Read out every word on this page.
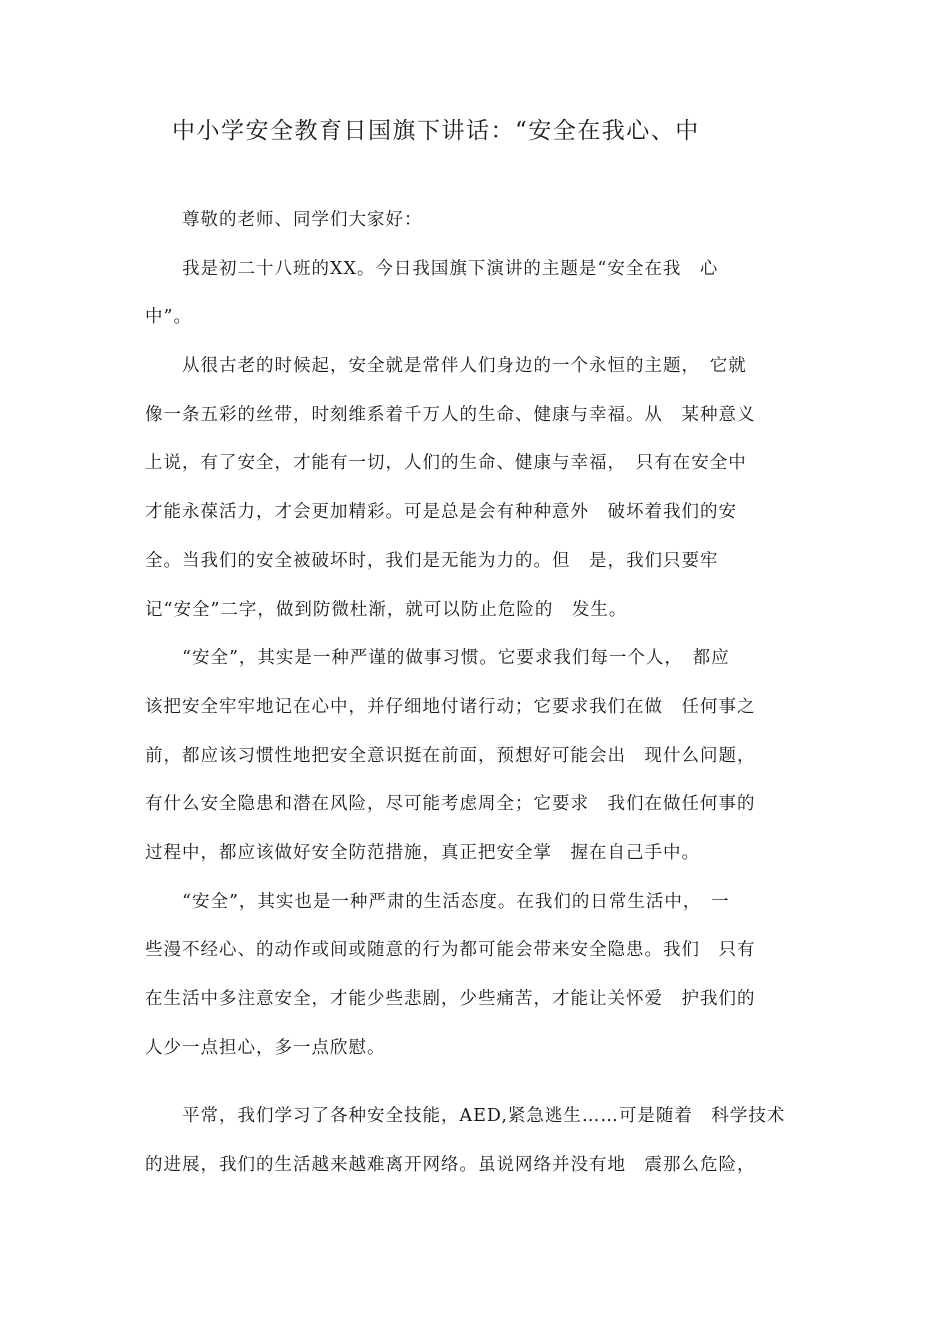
中小学安全教育日国旗下讲话：“安全在我心、中
　　尊敬的老师、同学们大家好：
　　我是初二十八班的XX。今日我国旗下演讲的主题是“安全在我　心
中”。
　　从很古老的时候起，安全就是常伴人们身边的一个永恒的主题，　它就
像一条五彩的丝带，时刻维系着千万人的生命、健康与幸福。从　某种意义
上说，有了安全，才能有一切，人们的生命、健康与幸福，　只有在安全中
才能永葆活力，才会更加精彩。可是总是会有种种意外　破坏着我们的安
全。当我们的安全被破坏时，我们是无能为力的。但　是，我们只要牢
记“安全”二字，做到防微杜渐，就可以防止危险的　发生。
　　“安全”，其实是一种严谨的做事习惯。它要求我们每一个人，　都应
该把安全牢牢地记在心中，并仔细地付诸行动；它要求我们在做　任何事之
前，都应该习惯性地把安全意识挺在前面，预想好可能会出　现什么问题，
有什么安全隐患和潜在风险，尽可能考虑周全；它要求　我们在做任何事的
过程中，都应该做好安全防范措施，真正把安全掌　握在自己手中。
　　“安全”，其实也是一种严肃的生活态度。在我们的日常生活中，　一
些漫不经心、的动作或间或随意的行为都可能会带来安全隐患。我们　只有
在生活中多注意安全，才能少些悲剧，少些痛苦，才能让关怀爱　护我们的
人少一点担心，多一点欣慰。
　　平常，我们学习了各种安全技能，AED,紧急逃生……可是随着　科学技术
的进展，我们的生活越来越难离开网络。虽说网络并没有地　震那么危险，
